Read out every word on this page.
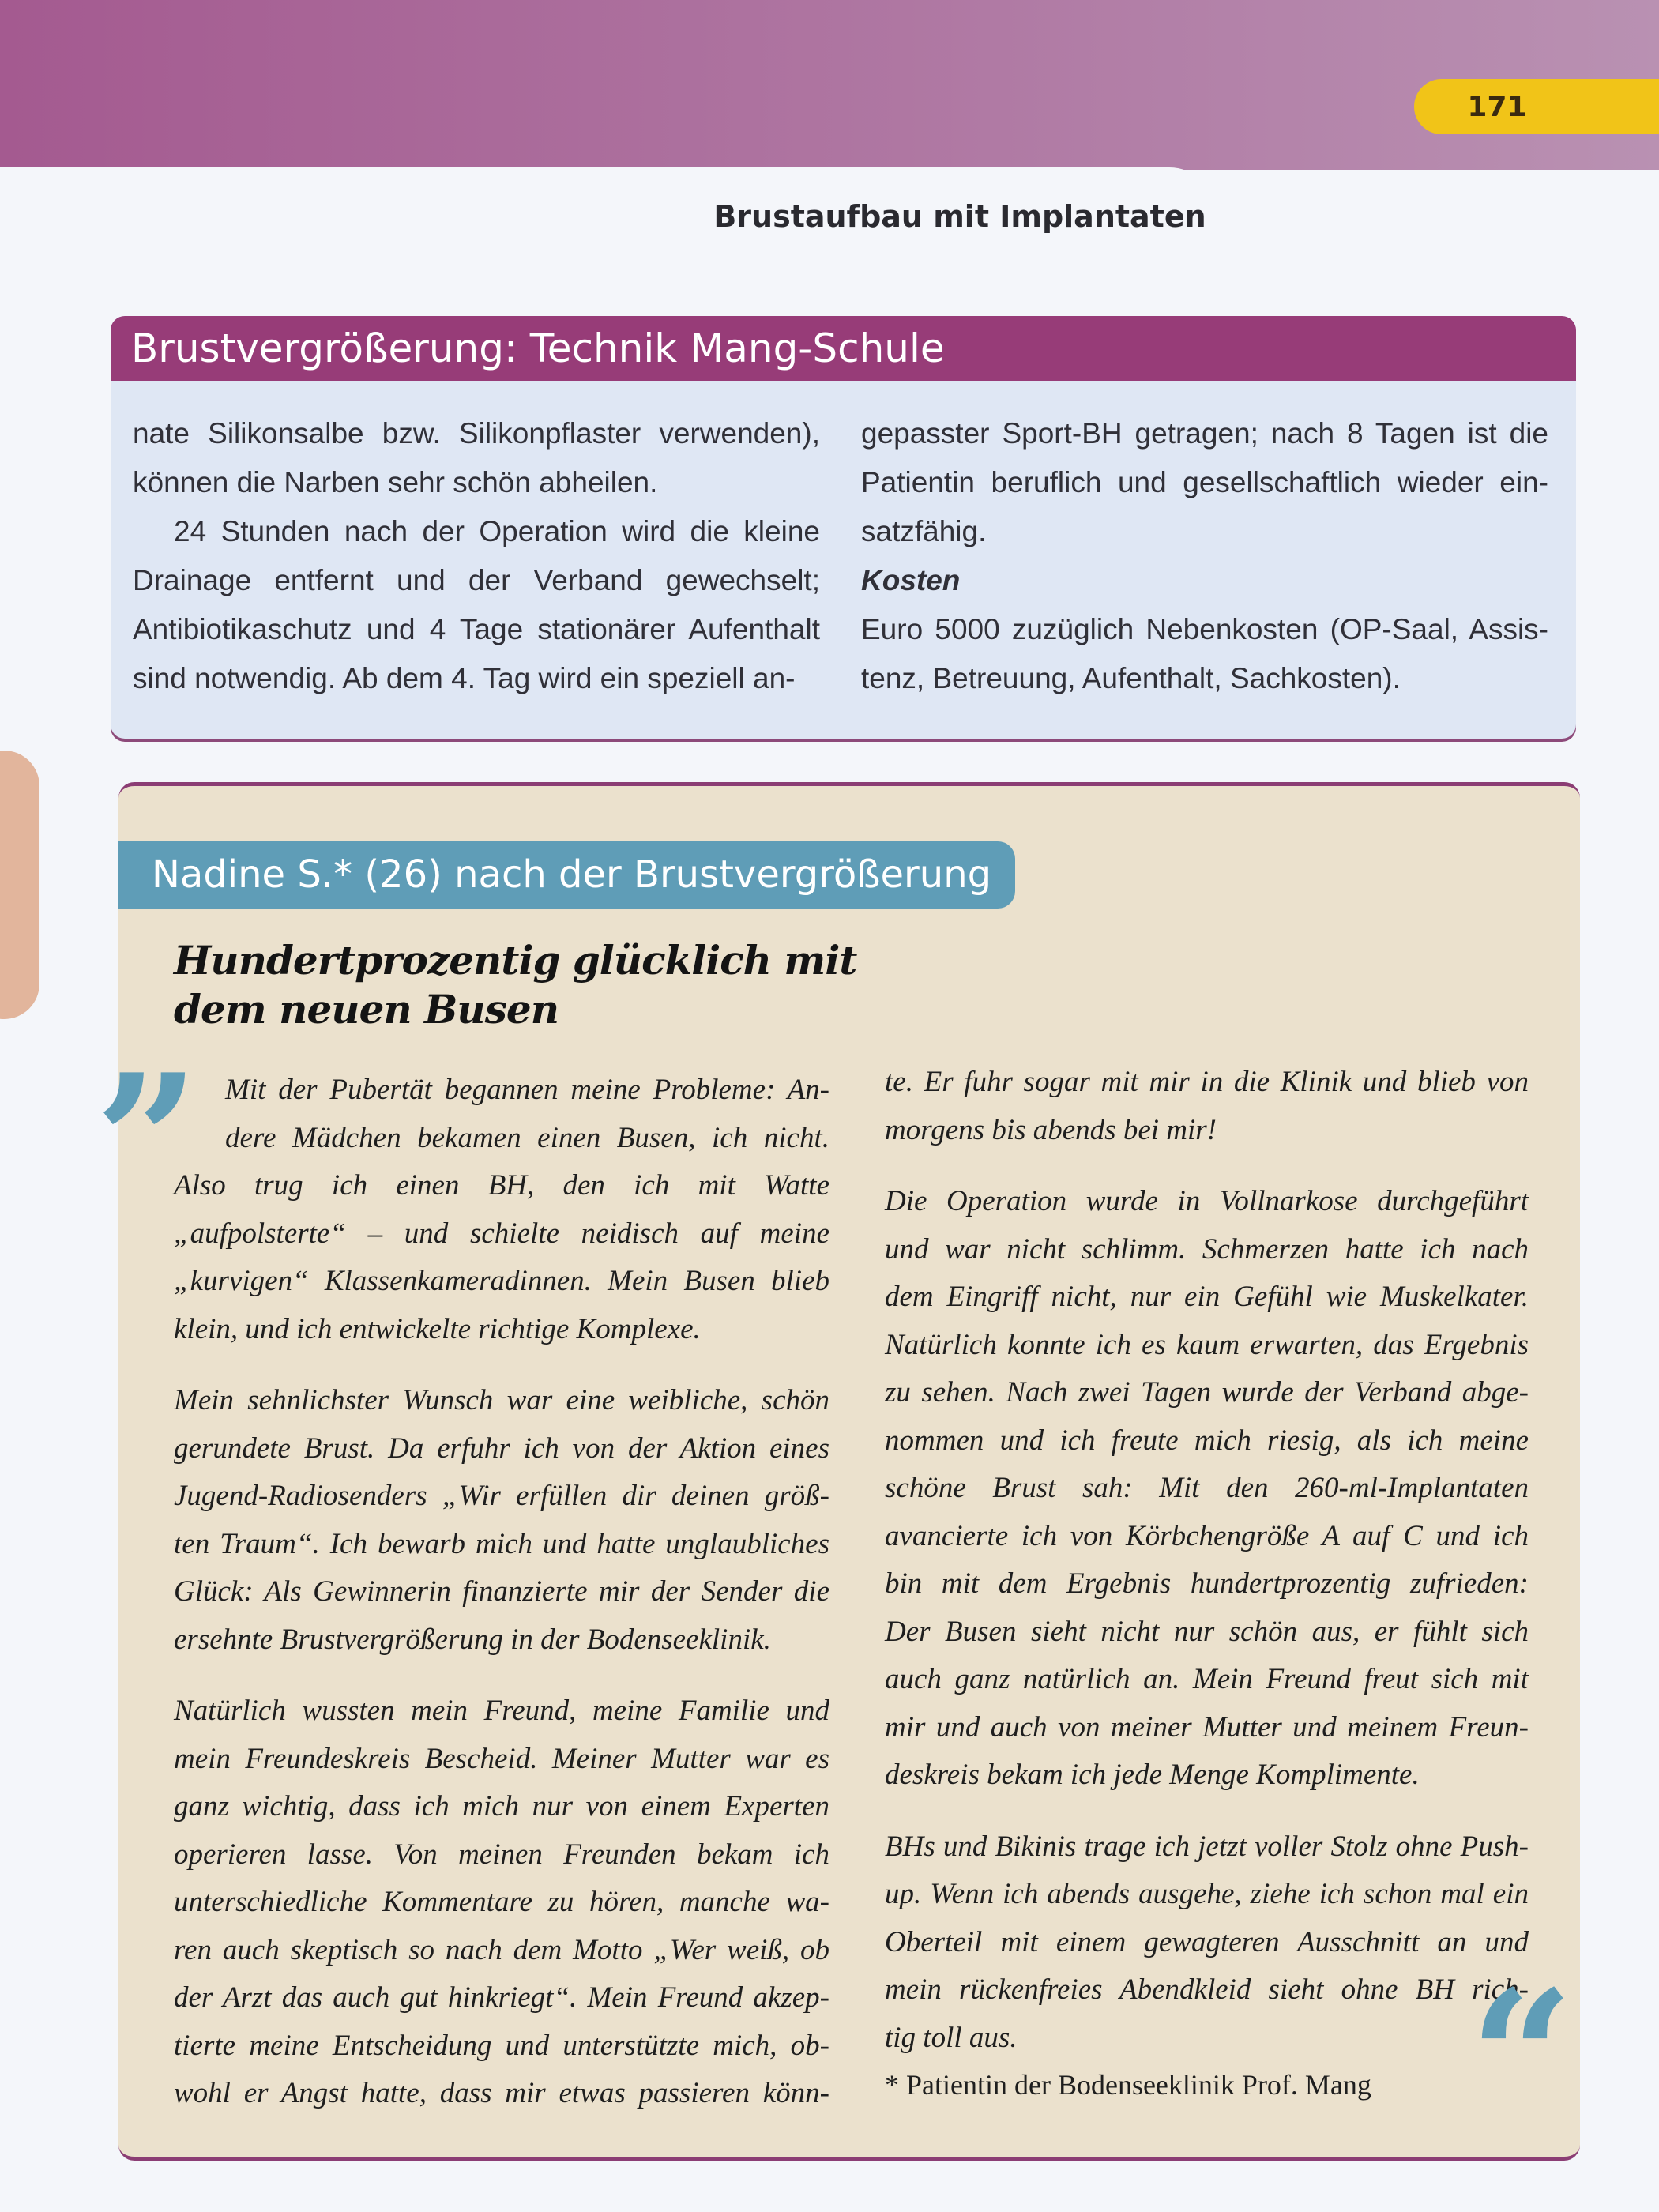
171
Brustaufbau mit Implantaten
Brustvergrößerung: Technik Mang-Schule
nate Silikonsalbe bzw. Silikonpflaster verwenden),
können die Narben sehr schön abheilen.
24 Stunden nach der Operation wird die kleine
Drainage entfernt und der Verband gewechselt;
Antibiotikaschutz und 4 Tage stationärer Aufenthalt
sind notwendig. Ab dem 4. Tag wird ein speziell an-
gepasster Sport-BH getragen; nach 8 Tagen ist die
Patientin beruflich und gesellschaftlich wieder ein-
satzfähig.
Kosten
Euro 5000 zuzüglich Nebenkosten (OP-Saal, Assis-
tenz, Betreuung, Aufenthalt, Sachkosten).
Nadine S.* (26) nach der Brustvergrößerung
Hundertprozentig glücklich mit
dem neuen Busen
” Mit der Pubertät begannen meine Probleme: An-
dere Mädchen bekamen einen Busen, ich nicht.
Also trug ich einen BH, den ich mit Watte
„aufpolsterte“ – und schielte neidisch auf meine
„kurvigen“ Klassenkameradinnen. Mein Busen blieb
klein, und ich entwickelte richtige Komplexe.
Mein sehnlichster Wunsch war eine weibliche, schön
gerundete Brust. Da erfuhr ich von der Aktion eines
Jugend-Radiosenders „Wir erfüllen dir deinen größ-
ten Traum“. Ich bewarb mich und hatte unglaubliches
Glück: Als Gewinnerin finanzierte mir der Sender die
ersehnte Brustvergrößerung in der Bodenseeklinik.
Natürlich wussten mein Freund, meine Familie und
mein Freundeskreis Bescheid. Meiner Mutter war es
ganz wichtig, dass ich mich nur von einem Experten
operieren lasse. Von meinen Freunden bekam ich
unterschiedliche Kommentare zu hören, manche wa-
ren auch skeptisch so nach dem Motto „Wer weiß, ob
der Arzt das auch gut hinkriegt“. Mein Freund akzep-
tierte meine Entscheidung und unterstützte mich, ob-
wohl er Angst hatte, dass mir etwas passieren könn-
te. Er fuhr sogar mit mir in die Klinik und blieb von
morgens bis abends bei mir!
Die Operation wurde in Vollnarkose durchgeführt
und war nicht schlimm. Schmerzen hatte ich nach
dem Eingriff nicht, nur ein Gefühl wie Muskelkater.
Natürlich konnte ich es kaum erwarten, das Ergebnis
zu sehen. Nach zwei Tagen wurde der Verband abge-
nommen und ich freute mich riesig, als ich meine
schöne Brust sah: Mit den 260-ml-Implantaten
avancierte ich von Körbchengröße A auf C und ich
bin mit dem Ergebnis hundertprozentig zufrieden:
Der Busen sieht nicht nur schön aus, er fühlt sich
auch ganz natürlich an. Mein Freund freut sich mit
mir und auch von meiner Mutter und meinem Freun-
deskreis bekam ich jede Menge Komplimente.
BHs und Bikinis trage ich jetzt voller Stolz ohne Push-
up. Wenn ich abends ausgehe, ziehe ich schon mal ein
Oberteil mit einem gewagteren Ausschnitt an und
mein rückenfreies Abendkleid sieht ohne BH rich-
tig toll aus.
* Patientin der Bodenseeklinik Prof. Mang “
